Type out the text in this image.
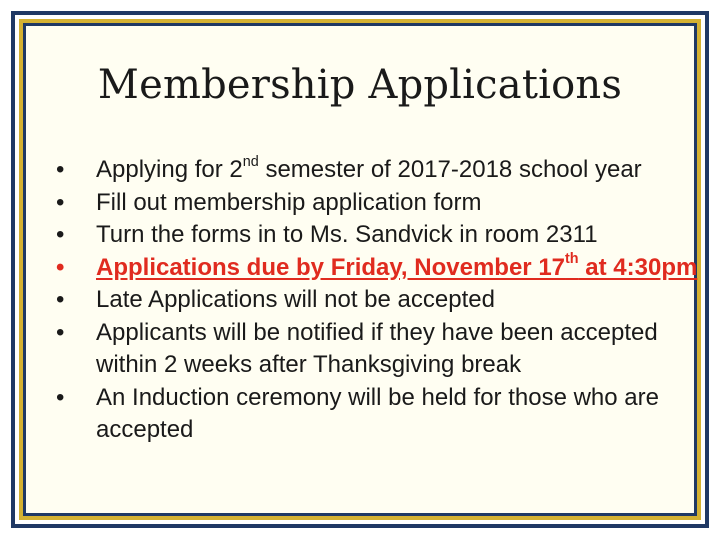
Membership Applications
• Applying for 2nd semester of 2017-2018 school year
• Fill out membership application form
• Turn the forms in to Ms. Sandvick in room 2311
• Applications due by Friday, November 17th at 4:30pm
• Late Applications will not be accepted
• Applicants will be notified if they have been accepted within 2 weeks after Thanksgiving break
• An Induction ceremony will be held for those who are accepted
